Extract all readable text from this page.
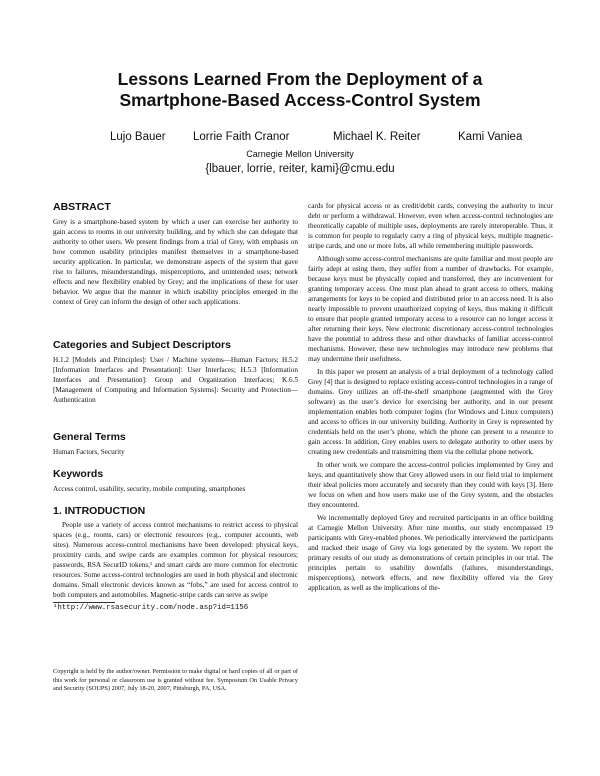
Lessons Learned From the Deployment of a
Smartphone-Based Access-Control System
Lujo Bauer Lorrie Faith Cranor	Michael K. Reiter	Kami Vaniea
Carnegie Mellon University
{lbauer, lorrie, reiter, kami}@cmu.edu
ABSTRACT

Grey is a smartphone-based system by which a user can exercise her authority to gain access to rooms in our university building, and by which she can delegate that authority to other users. We present findings from a trial of Grey, with emphasis on how common usability principles manifest themselves in a smartphone-based security application. In particular, we demonstrate aspects of the system that gave rise to failures, misunderstandings, misperceptions, and unintended uses; network effects and new flexibility enabled by Grey; and the implications of these for user behavior. We argue that the manner in which usability principles emerged in the context of Grey can inform the design of other such applications.

Categories and Subject Descriptors

H.1.2 [Models and Principles]: User / Machine systems—Human Factors; H.5.2 [Information Interfaces and Presentation]: User Interfaces; H.5.3 [Information Interfaces and Presentation]: Group and Organization Interfaces; K.6.5 [Management of Computing and Information Systems]: Security and Protection—Authentication

General Terms

Human Factors, Security

Keywords

Access control, usability, security, mobile computing, smartphones

1. INTRODUCTION

People use a variety of access control mechanisms to restrict access to physical spaces (e.g., rooms, cars) or electronic resources (e.g., computer accounts, web sites). Numerous access-control mechanisms have been developed: physical keys, proximity cards, and swipe cards are examples common for physical resources; passwords, RSA SecurID tokens,¹ and smart cards are more common for electronic resources. Some access-control technologies are used in both physical and electronic domains. Small electronic devices known as “fobs,” are used for access control to both computers and automobiles. Magnetic-stripe cards can serve as swipe

¹http://www.rsasecurity.com/node.asp?id=1156
Copyright is held by the author/owner. Permission to make digital or hard copies of all or part of this work for personal or classroom use is granted without fee. Symposium On Usable Privacy and Security (SOUPS) 2007, July 18-20, 2007, Pittsburgh, PA, USA.

cards for physical access or as credit/debit cards, conveying the authority to incur debt or perform a withdrawal. However, even when access-control technologies are theoretically capable of multiple uses, deployments are rarely interoperable. Thus, it is common for people to regularly carry a ring of physical keys, multiple magnetic-stripe cards, and one or more fobs, all while remembering multiple passwords.

Although some access-control mechanisms are quite familiar and most people are fairly adept at using them, they suffer from a number of drawbacks. For example, because keys must be physically copied and transferred, they are inconvenient for granting temporary access. One must plan ahead to grant access to others, making arrangements for keys to be copied and distributed prior to an access need. It is also nearly impossible to prevent unauthorized copying of keys, thus making it difficult to ensure that people granted temporary access to a resource can no longer access it after returning their keys. New electronic discretionary access-control technologies have the potential to address these and other drawbacks of familiar access-control mechanisms. However, these new technologies may introduce new problems that may undermine their usefulness.

In this paper we present an analysis of a trial deployment of a technology called Grey [4] that is designed to replace existing access-control technologies in a range of domains. Grey utilizes an off-the-shelf smartphone (augmented with the Grey software) as the user’s device for exercising her authority, and in our present implementation enables both computer logins (for Windows and Linux computers) and access to offices in our university building. Authority in Grey is represented by credentials held on the user’s phone, which the phone can present to a resource to gain access. In addition, Grey enables users to delegate authority to other users by creating new credentials and transmitting them via the cellular phone network.

In other work we compare the access-control policies implemented by Grey and keys, and quantitatively show that Grey allowed users in our field trial to implement their ideal policies more accurately and securely than they could with keys [3]. Here we focus on when and how users make use of the Grey system, and the obstacles they encountered.

We incrementally deployed Grey and recruited participants in an office building at Carnegie Mellon University. After nine months, our study encompassed 19 participants with Grey-enabled phones. We periodically interviewed the participants and tracked their usage of Grey via logs generated by the system. We report the primary results of our study as demonstrations of certain principles in our trial. The principles pertain to usability downfalls (failures, misunderstandings, misperceptions), network effects, and new flexibility offered via the Grey application, as well as the implications of the-
